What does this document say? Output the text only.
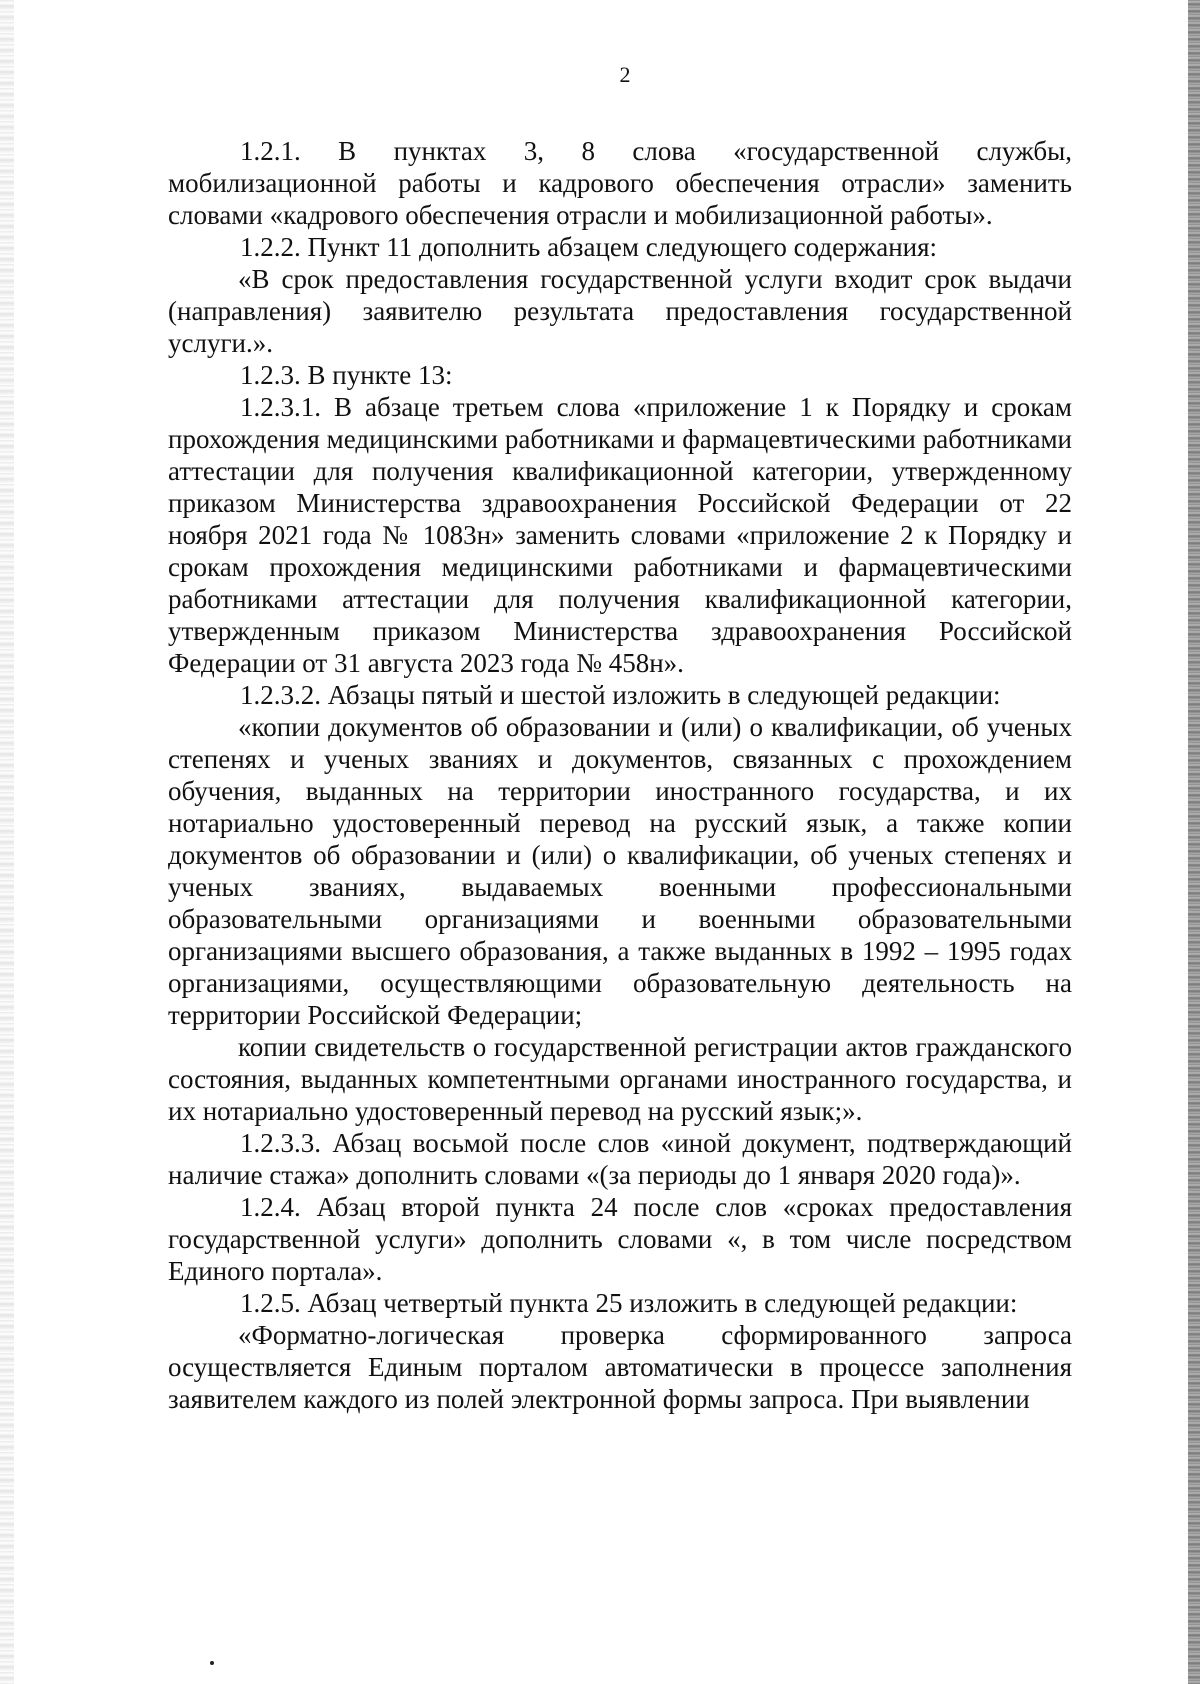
2

1.2.1. В пунктах 3, 8 слова «государственной службы, мобилизационной работы и кадрового обеспечения отрасли» заменить словами «кадрового обеспечения отрасли и мобилизационной работы».

1.2.2. Пункт 11 дополнить абзацем следующего содержания:

«В срок предоставления государственной услуги входит срок выдачи (направления) заявителю результата предоставления государственной услуги.».

1.2.3. В пункте 13:

1.2.3.1. В абзаце третьем слова «приложение 1 к Порядку и срокам прохождения медицинскими работниками и фармацевтическими работниками аттестации для получения квалификационной категории, утвержденному приказом Министерства здравоохранения Российской Федерации от 22 ноября 2021 года № 1083н» заменить словами «приложение 2 к Порядку и срокам прохождения медицинскими работниками и фармацевтическими работниками аттестации для получения квалификационной категории, утвержденным приказом Министерства здравоохранения Российской Федерации от 31 августа 2023 года № 458н».

1.2.3.2. Абзацы пятый и шестой изложить в следующей редакции:

«копии документов об образовании и (или) о квалификации, об ученых степенях и ученых званиях и документов, связанных с прохождением обучения, выданных на территории иностранного государства, и их нотариально удостоверенный перевод на русский язык, а также копии документов об образовании и (или) о квалификации, об ученых степенях и ученых званиях, выдаваемых военными профессиональными образовательными организациями и военными образовательными организациями высшего образования, а также выданных в 1992 – 1995 годах организациями, осуществляющими образовательную деятельность на территории Российской Федерации;

копии свидетельств о государственной регистрации актов гражданского состояния, выданных компетентными органами иностранного государства, и их нотариально удостоверенный перевод на русский язык;».

1.2.3.3. Абзац восьмой после слов «иной документ, подтверждающий наличие стажа» дополнить словами «(за периоды до 1 января 2020 года)».

1.2.4. Абзац второй пункта 24 после слов «сроках предоставления государственной услуги» дополнить словами «, в том числе посредством Единого портала».

1.2.5. Абзац четвертый пункта 25 изложить в следующей редакции:

«Форматно-логическая проверка сформированного запроса осуществляется Единым порталом автоматически в процессе заполнения заявителем каждого из полей электронной формы запроса. При выявлении
